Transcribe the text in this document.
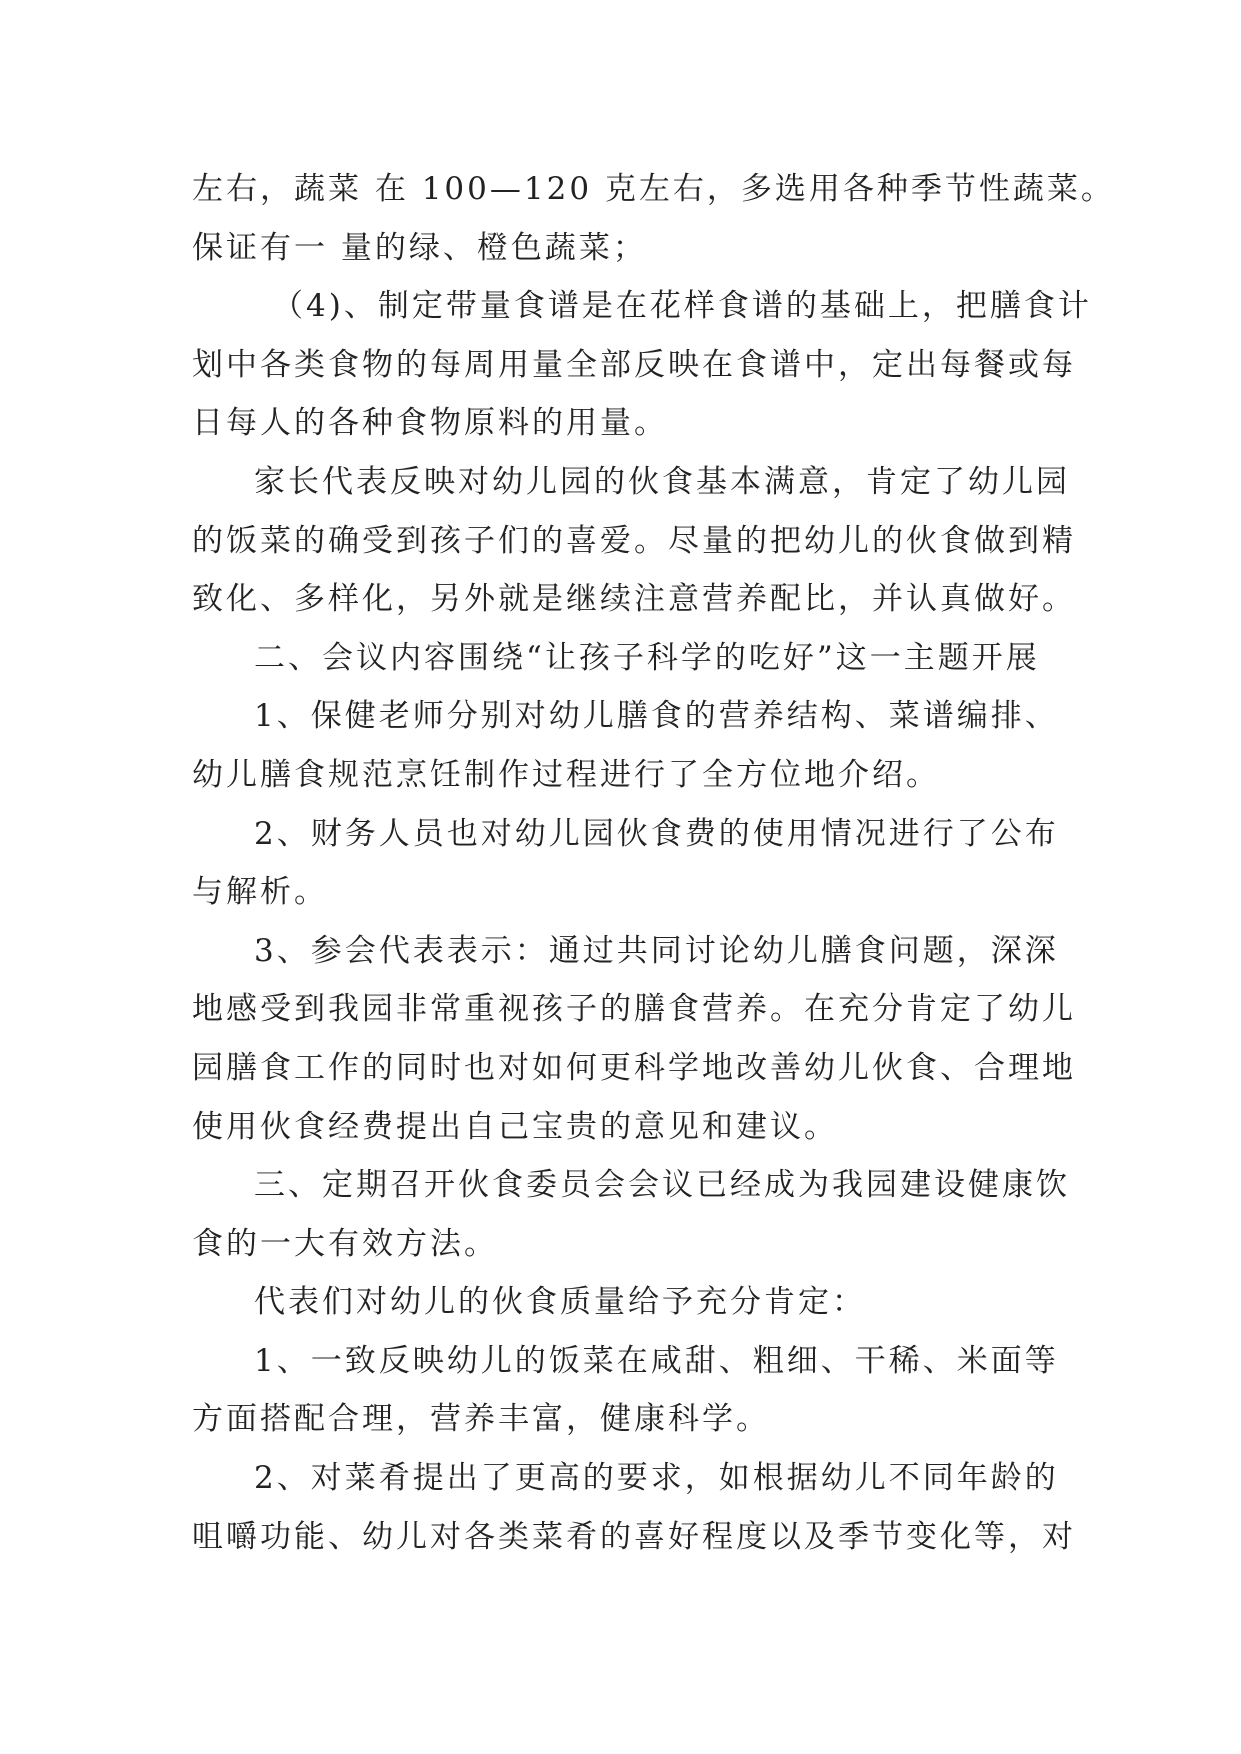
左右，蔬菜 在 100—120 克左右，多选用各种季节性蔬菜。
保证有一 量的绿、橙色蔬菜；
（4)、制定带量食谱是在花样食谱的基础上，把膳食计
划中各类食物的每周用量全部反映在食谱中，定出每餐或每
日每人的各种食物原料的用量。
家长代表反映对幼儿园的伙食基本满意，肯定了幼儿园
的饭菜的确受到孩子们的喜爱。尽量的把幼儿的伙食做到精
致化、多样化，另外就是继续注意营养配比，并认真做好。
二、会议内容围绕“让孩子科学的吃好”这一主题开展
1、保健老师分别对幼儿膳食的营养结构、菜谱编排、
幼儿膳食规范烹饪制作过程进行了全方位地介绍。
2、财务人员也对幼儿园伙食费的使用情况进行了公布
与解析。
3、参会代表表示：通过共同讨论幼儿膳食问题，深深
地感受到我园非常重视孩子的膳食营养。在充分肯定了幼儿
园膳食工作的同时也对如何更科学地改善幼儿伙食、合理地
使用伙食经费提出自己宝贵的意见和建议。
三、定期召开伙食委员会会议已经成为我园建设健康饮
食的一大有效方法。
代表们对幼儿的伙食质量给予充分肯定：
1、一致反映幼儿的饭菜在咸甜、粗细、干稀、米面等
方面搭配合理，营养丰富，健康科学。
2、对菜肴提出了更高的要求，如根据幼儿不同年龄的
咀嚼功能、幼儿对各类菜肴的喜好程度以及季节变化等，对
